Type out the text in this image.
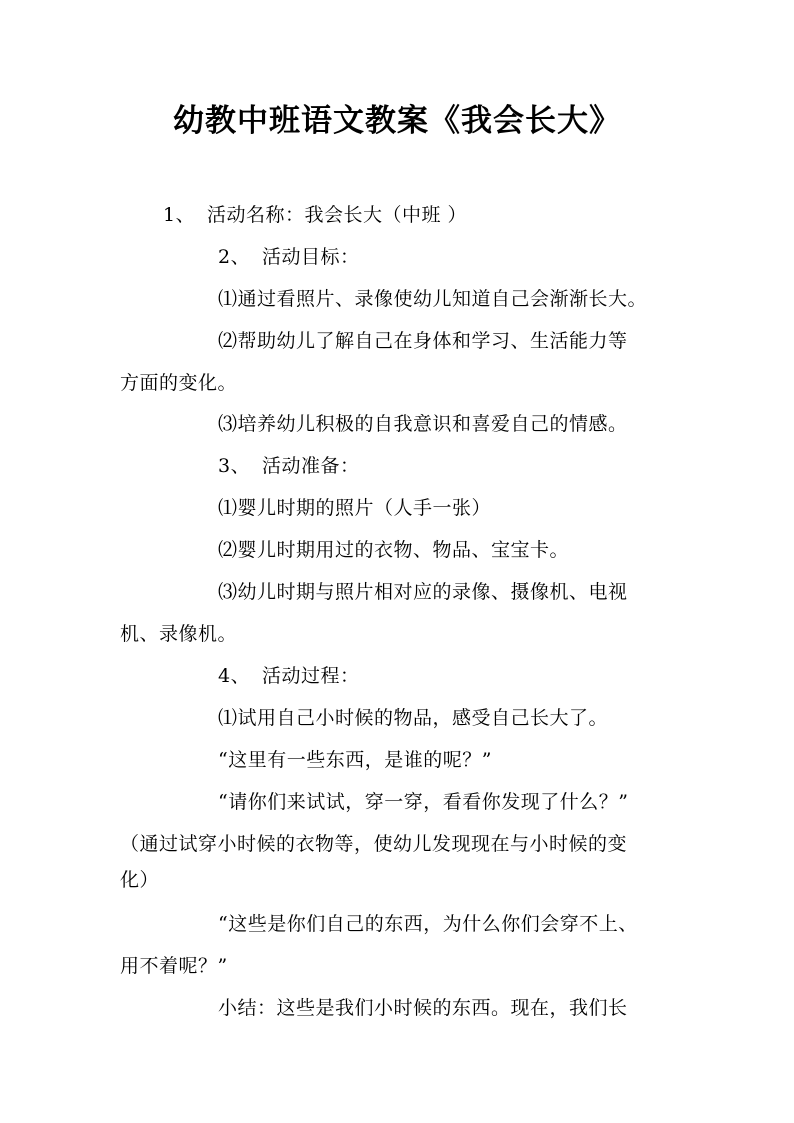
幼教中班语文教案《我会长大》
1、 活动名称：我会长大（中班 ）
2、 活动目标：
⑴通过看照片、录像使幼儿知道自己会渐渐长大。
⑵帮助幼儿了解自己在身体和学习、生活能力等
方面的变化。
⑶培养幼儿积极的自我意识和喜爱自己的情感。
3、 活动准备：
⑴婴儿时期的照片（人手一张）
⑵婴儿时期用过的衣物、物品、宝宝卡。
⑶幼儿时期与照片相对应的录像、摄像机、电视
机、录像机。
4、 活动过程：
⑴试用自己小时候的物品，感受自己长大了。
“这里有一些东西，是谁的呢？”
“请你们来试试，穿一穿，看看你发现了什么？”
（通过试穿小时候的衣物等，使幼儿发现现在与小时候的变
化）
“这些是你们自己的东西，为什么你们会穿不上、
用不着呢？”
小结：这些是我们小时候的东西。现在，我们长
